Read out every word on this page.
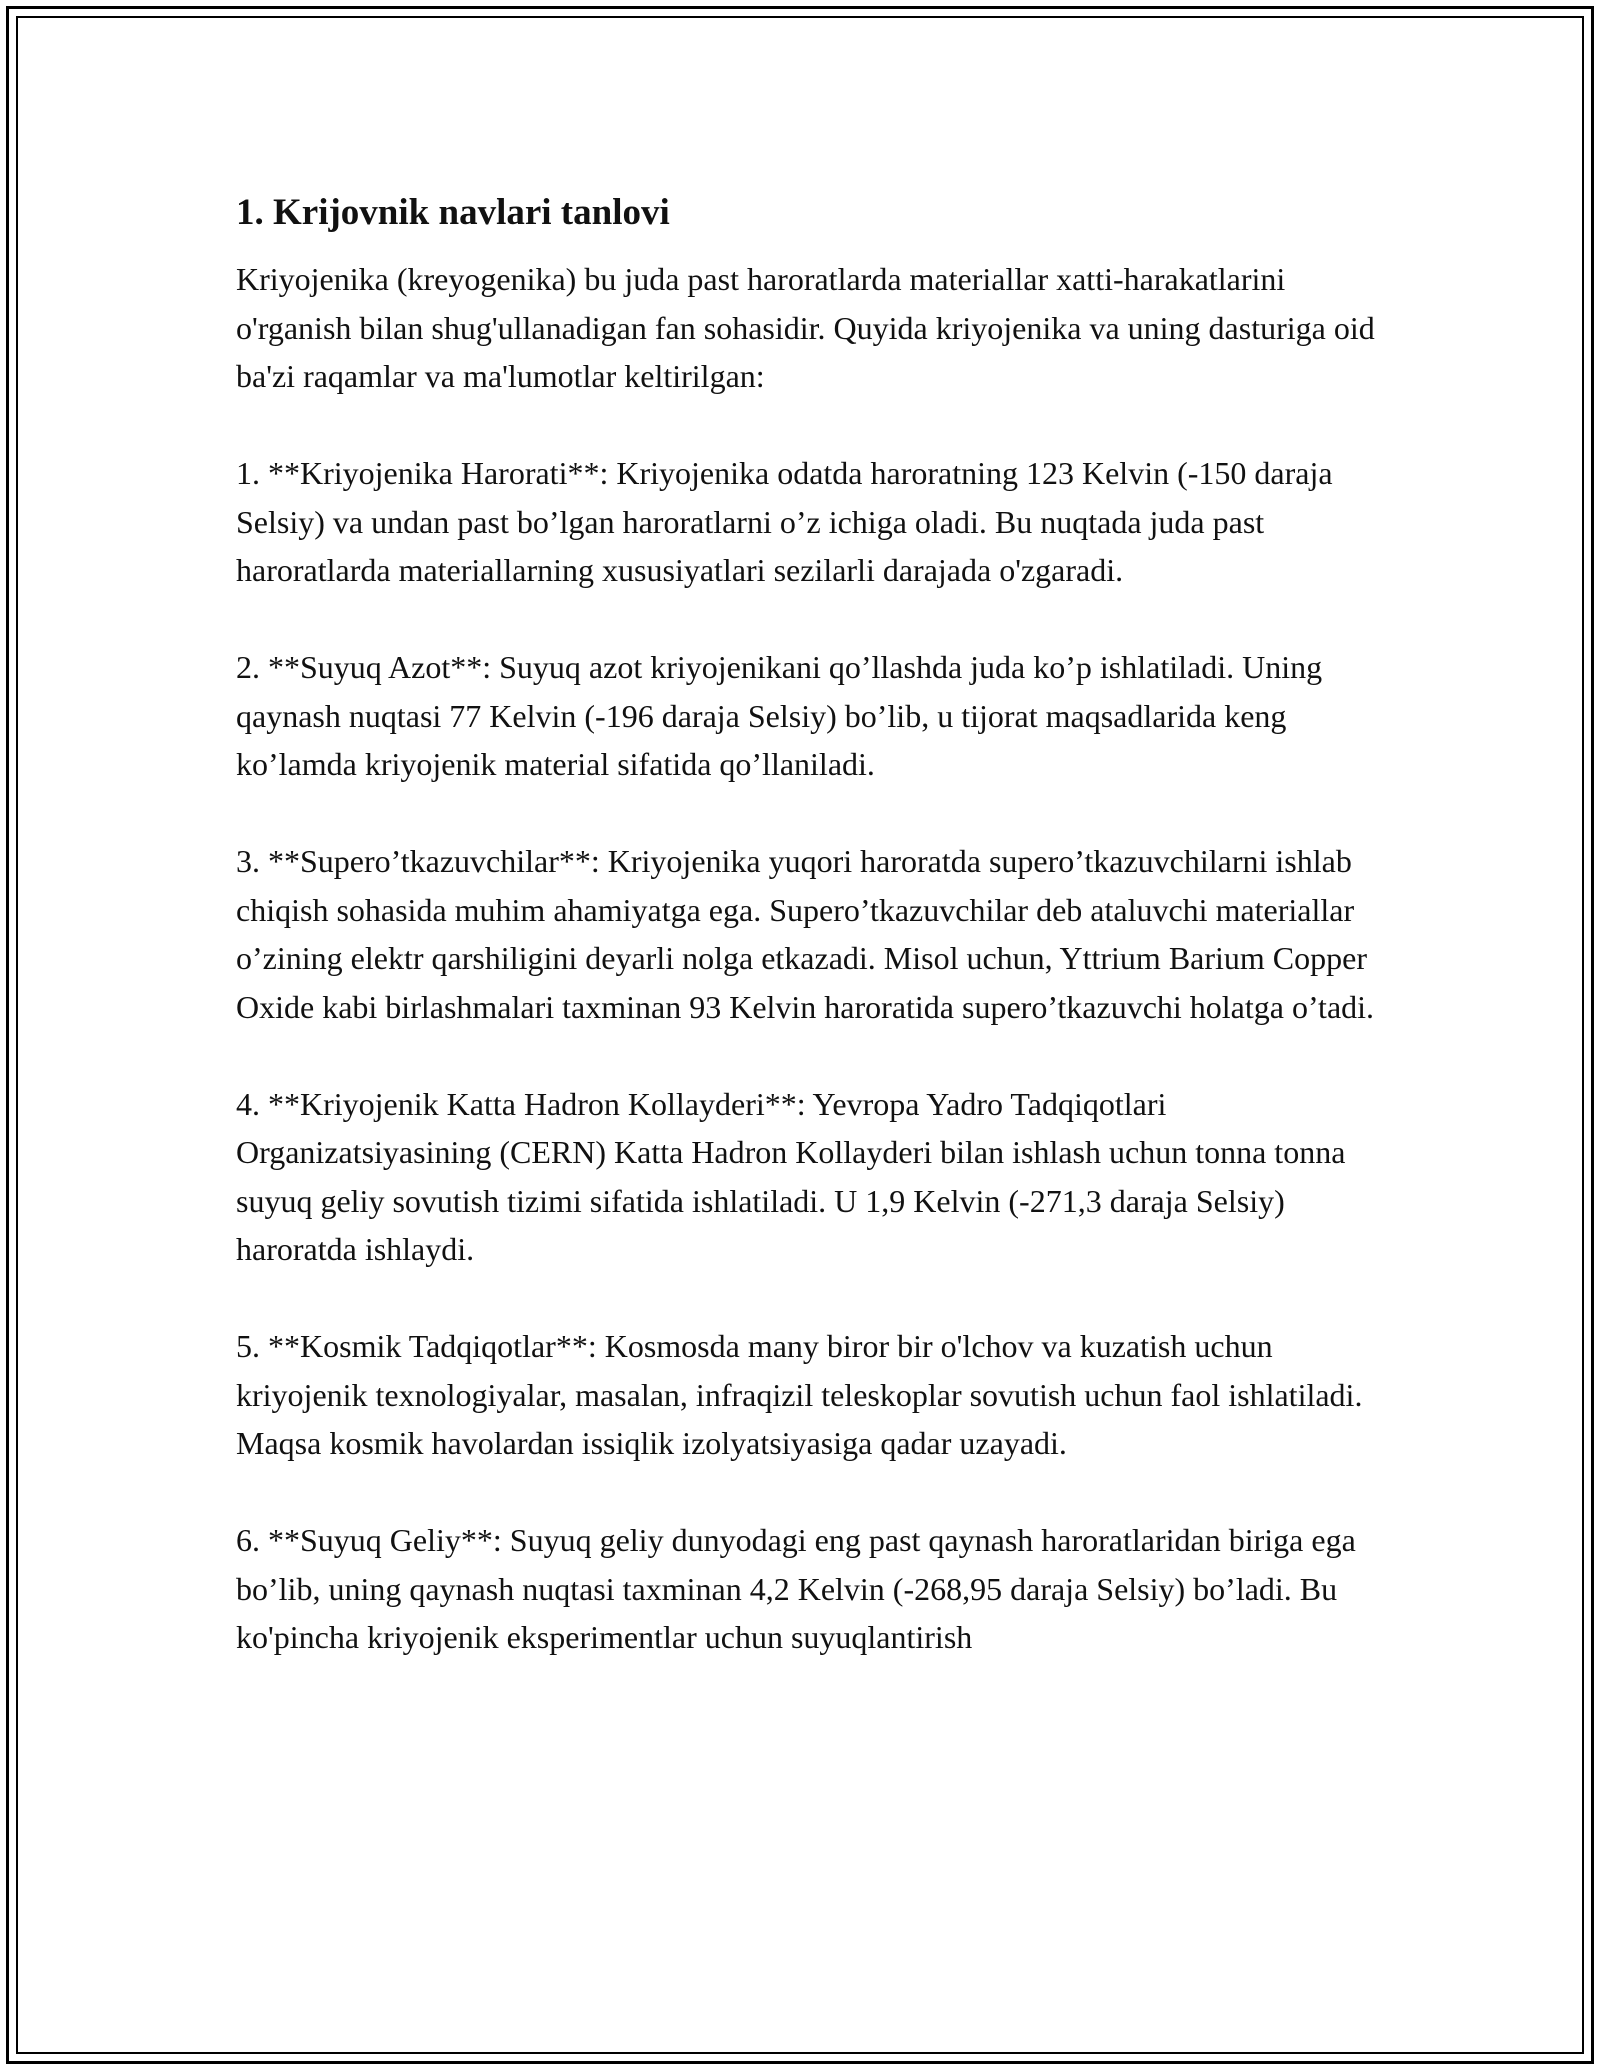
1. Krijovnik navlari tanlovi

Kriyojenika (kreyogenika) bu juda past haroratlarda materiallar xatti-harakatlarini o'rganish bilan shug'ullanadigan fan sohasidir. Quyida kriyojenika va uning dasturiga oid ba'zi raqamlar va ma'lumotlar keltirilgan:

1. **Kriyojenika Harorati**: Kriyojenika odatda haroratning 123 Kelvin (-150 daraja Selsiy) va undan past bo’lgan haroratlarni o’z ichiga oladi. Bu nuqtada juda past haroratlarda materiallarning xususiyatlari sezilarli darajada o'zgaradi.

2. **Suyuq Azot**: Suyuq azot kriyojenikani qo’llashda juda ko’p ishlatiladi. Uning qaynash nuqtasi 77 Kelvin (-196 daraja Selsiy) bo’lib, u tijorat maqsadlarida keng ko’lamda kriyojenik material sifatida qo’llaniladi.

3. **Supero’tkazuvchilar**: Kriyojenika yuqori haroratda supero’tkazuvchilarni ishlab chiqish sohasida muhim ahamiyatga ega. Supero’tkazuvchilar deb ataluvchi materiallar o’zining elektr qarshiligini deyarli nolga etkazadi. Misol uchun, Yttrium Barium Copper Oxide kabi birlashmalari taxminan 93 Kelvin haroratida supero’tkazuvchi holatga o’tadi.

4. **Kriyojenik Katta Hadron Kollayderi**: Yevropa Yadro Tadqiqotlari Organizatsiyasining (CERN) Katta Hadron Kollayderi bilan ishlash uchun tonna tonna suyuq geliy sovutish tizimi sifatida ishlatiladi. U 1,9 Kelvin (-271,3 daraja Selsiy) haroratda ishlaydi.

5. **Kosmik Tadqiqotlar**: Kosmosda many biror bir o'lchov va kuzatish uchun kriyojenik texnologiyalar, masalan, infraqizil teleskoplar sovutish uchun faol ishlatiladi. Maqsa kosmik havolardan issiqlik izolyatsiyasiga qadar uzayadi.

6. **Suyuq Geliy**: Suyuq geliy dunyodagi eng past qaynash haroratlaridan biriga ega bo’lib, uning qaynash nuqtasi taxminan 4,2 Kelvin (-268,95 daraja Selsiy) bo’ladi. Bu ko'pincha kriyojenik eksperimentlar uchun suyuqlantirish
